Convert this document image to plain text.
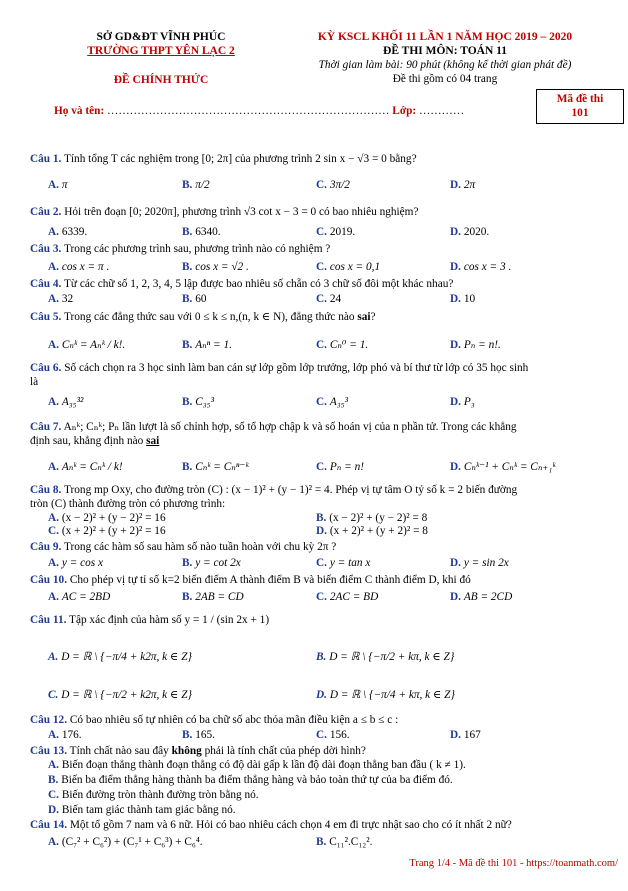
SỞ GD&ĐT VĨNH PHÚC
TRƯỜNG THPT YÊN LẠC 2
ĐỀ CHÍNH THỨC
KỲ KSCL KHỐI 11 LẦN 1 NĂM HỌC 2019 – 2020
ĐỀ THI MÔN: TOÁN 11
Thời gian làm bài: 90 phút (không kể thời gian phát đề)
Đề thi gồm có 04 trang
Họ và tên: ………………………………………………………………… Lớp: …………
Mã đề thi
101
Câu 1. Tính tổng T các nghiệm trong [0; 2π] của phương trình 2 sin x − √3 = 0 bằng?
A. π	B. π/2	C. 3π/2	D. 2π
Câu 2. Hỏi trên đoạn [0; 2020π], phương trình √3 cot x − 3 = 0 có bao nhiêu nghiệm?
A. 6339.	B. 6340.	C. 2019.	D. 2020.
Câu 3. Trong các phương trình sau, phương trình nào có nghiệm ?
A. cos x = π .	B. cos x = √2 .	C. cos x = 0,1	D. cos x = 3 .
Câu 4. Từ các chữ số 1, 2, 3, 4, 5 lập được bao nhiêu số chẵn có 3 chữ số đôi một khác nhau?
A. 32	B. 60	C. 24	D. 10
Câu 5. Trong các đẳng thức sau với 0 ≤ k ≤ n,(n, k ∈ N), đẳng thức nào sai?
A. Cₙᵏ = Aₙᵏ / k!.	B. Aₙⁿ = 1.	C. Cₙ⁰ = 1.	D. Pₙ = n!.
Câu 6. Số cách chọn ra 3 học sinh làm ban cán sự lớp gồm lớp trưởng, lớp phó và bí thư từ lớp có 35 học sinh
là
A. A₃₅³²	B. C₃₅³	C. A₃₅³	D. P₃
Câu 7. Aₙᵏ; Cₙᵏ; Pₙ lần lượt là số chỉnh hợp, số tổ hợp chập k và số hoán vị của n phần tử. Trong các khẳng
định sau, khẳng định nào sai
A. Aₙᵏ = Cₙᵏ / k!	B. Cₙᵏ = Cₙⁿ⁻ᵏ	C. Pₙ = n!	D. Cₙᵏ⁻¹ + Cₙᵏ = Cₙ₊₁ᵏ
Câu 8. Trong mp Oxy, cho đường tròn (C) : (x − 1)² + (y − 1)² = 4. Phép vị tự tâm O tỷ số k = 2 biến đường
tròn (C) thành đường tròn có phương trình:
A. (x − 2)² + (y − 2)² = 16	B. (x − 2)² + (y − 2)² = 8
C. (x + 2)² + (y + 2)² = 16	D. (x + 2)² + (y + 2)² = 8
Câu 9. Trong các hàm số sau hàm số nào tuần hoàn với chu kỳ 2π ?
A. y = cos x	B. y = cot 2x	C. y = tan x	D. y = sin 2x
Câu 10. Cho phép vị tự tỉ số k=2 biến điểm A thành điểm B và biến điểm C thành điểm D, khi đó
A. AC = 2BD	B. 2AB = CD	C. 2AC = BD	D. AB = 2CD
Câu 11. Tập xác định của hàm số y = 1 / (sin 2x + 1)
A. D = ℝ \ {−π/4 + k2π, k ∈ Z}	B. D = ℝ \ {−π/2 + kπ, k ∈ Z}
C. D = ℝ \ {−π/2 + k2π, k ∈ Z}	D. D = ℝ \ {−π/4 + kπ, k ∈ Z}
Câu 12. Có bao nhiêu số tự nhiên có ba chữ số abc thỏa mãn điều kiện a ≤ b ≤ c :
A. 176.	B. 165.	C. 156.	D. 167
Câu 13. Tính chất nào sau đây không phải là tính chất của phép dời hình?
A. Biến đoạn thẳng thành đoạn thẳng có độ dài gấp k lần độ dài đoạn thẳng ban đầu ( k ≠ 1).
B. Biến ba điểm thẳng hàng thành ba điểm thẳng hàng và bảo toàn thứ tự của ba điểm đó.
C. Biến đường tròn thành đường tròn bằng nó.
D. Biến tam giác thành tam giác bằng nó.
Câu 14. Một tổ gồm 7 nam và 6 nữ. Hỏi có bao nhiêu cách chọn 4 em đi trực nhật sao cho có ít nhất 2 nữ?
A. (C₇² + C₆²) + (C₇¹ + C₆³) + C₆⁴.	B. C₁₁².C₁₂².
Trang 1/4 - Mã đề thi 101 - https://toanmath.com/
